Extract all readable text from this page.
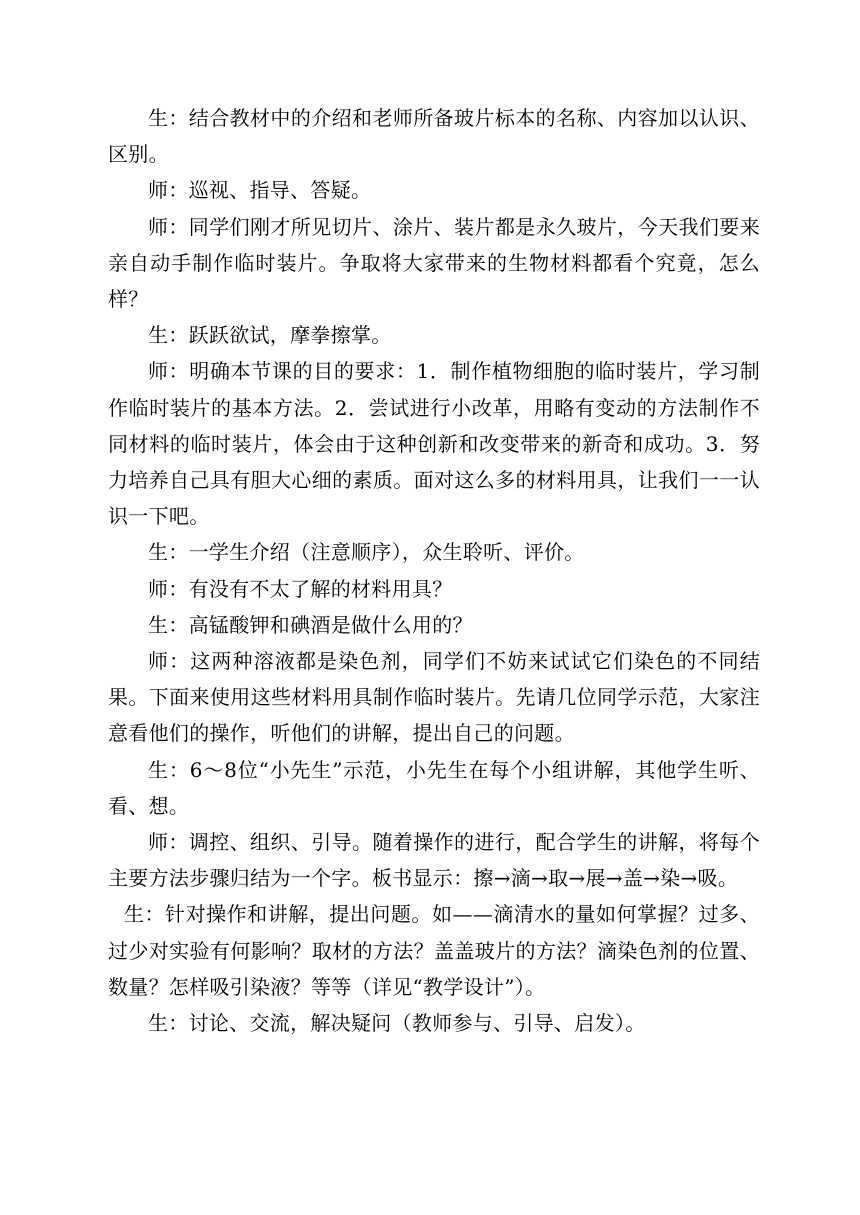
生：结合教材中的介绍和老师所备玻片标本的名称、内容加以认识、区别。

师：巡视、指导、答疑。

师：同学们刚才所见切片、涂片、装片都是永久玻片，今天我们要来亲自动手制作临时装片。争取将大家带来的生物材料都看个究竟，怎么样？

生：跃跃欲试，摩拳擦掌。

师：明确本节课的目的要求：1．制作植物细胞的临时装片，学习制作临时装片的基本方法。2．尝试进行小改革，用略有变动的方法制作不同材料的临时装片，体会由于这种创新和改变带来的新奇和成功。3．努力培养自己具有胆大心细的素质。面对这么多的材料用具，让我们一一认识一下吧。

生：一学生介绍（注意顺序），众生聆听、评价。

师：有没有不太了解的材料用具？

生：高锰酸钾和碘酒是做什么用的？

师：这两种溶液都是染色剂，同学们不妨来试试它们染色的不同结果。下面来使用这些材料用具制作临时装片。先请几位同学示范，大家注意看他们的操作，听他们的讲解，提出自己的问题。

生：6～8位“小先生”示范，小先生在每个小组讲解，其他学生听、看、想。

师：调控、组织、引导。随着操作的进行，配合学生的讲解，将每个主要方法步骤归结为一个字。板书显示：擦→滴→取→展→盖→染→吸。

生：针对操作和讲解，提出问题。如——滴清水的量如何掌握？过多、过少对实验有何影响？取材的方法？盖盖玻片的方法？滴染色剂的位置、数量？怎样吸引染液？等等（详见“教学设计”）。

生：讨论、交流，解决疑问（教师参与、引导、启发）。
